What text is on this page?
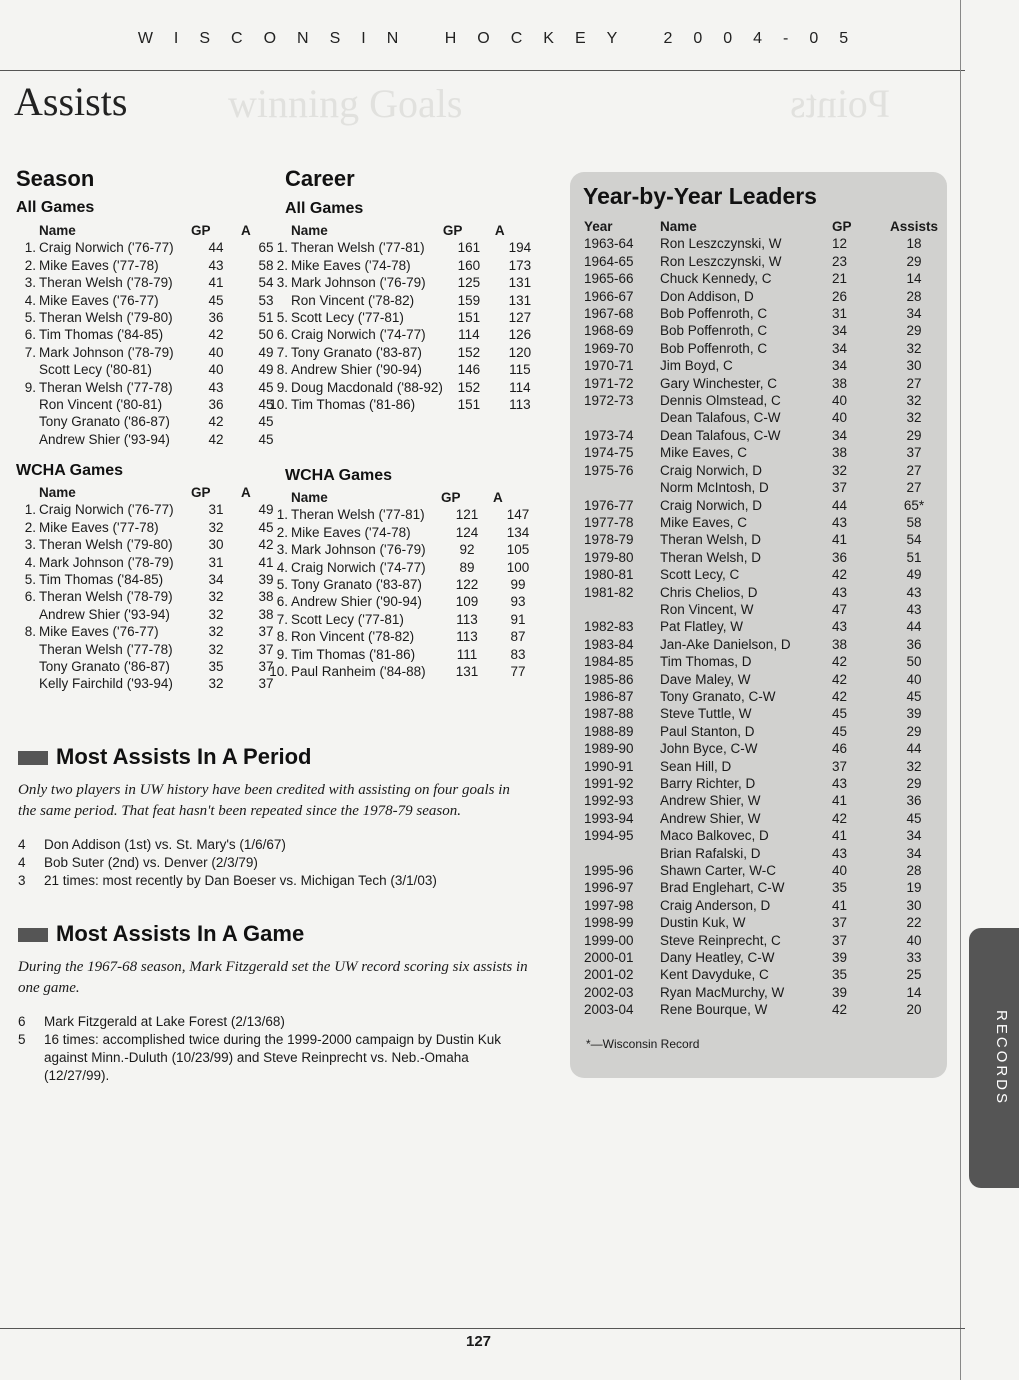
WISCONSIN HOCKEY 2004-05
winning Goals	Points
Assists
Season
All Games
	Name	GP	A
1.	Craig Norwich ('76-77)	44	65
2.	Mike Eaves ('77-78)	43	58
3.	Theran Welsh ('78-79)	41	54
4.	Mike Eaves ('76-77)	45	53
5.	Theran Welsh ('79-80)	36	51
6.	Tim Thomas ('84-85)	42	50
7.	Mark Johnson ('78-79)	40	49
	Scott Lecy ('80-81)	40	49
9.	Theran Welsh ('77-78)	43	45
	Ron Vincent ('80-81)	36	45
	Tony Granato ('86-87)	42	45
	Andrew Shier ('93-94)	42	45
WCHA Games
	Name	GP	A
1.	Craig Norwich ('76-77)	31	49
2.	Mike Eaves ('77-78)	32	45
3.	Theran Welsh ('79-80)	30	42
4.	Mark Johnson ('78-79)	31	41
5.	Tim Thomas ('84-85)	34	39
6.	Theran Welsh ('78-79)	32	38
	Andrew Shier ('93-94)	32	38
8.	Mike Eaves ('76-77)	32	37
	Theran Welsh ('77-78)	32	37
	Tony Granato ('86-87)	35	37
	Kelly Fairchild ('93-94)	32	37
Career
All Games
	Name	GP	A
1.	Theran Welsh ('77-81)	161	194
2.	Mike Eaves ('74-78)	160	173
3.	Mark Johnson ('76-79)	125	131
	Ron Vincent ('78-82)	159	131
5.	Scott Lecy ('77-81)	151	127
6.	Craig Norwich ('74-77)	114	126
7.	Tony Granato ('83-87)	152	120
8.	Andrew Shier ('90-94)	146	115
9.	Doug Macdonald ('88-92)	152	114
10.	Tim Thomas ('81-86)	151	113
WCHA Games
	Name	GP	A
1.	Theran Welsh ('77-81)	121	147
2.	Mike Eaves ('74-78)	124	134
3.	Mark Johnson ('76-79)	92	105
4.	Craig Norwich ('74-77)	89	100
5.	Tony Granato ('83-87)	122	99
6.	Andrew Shier ('90-94)	109	93
7.	Scott Lecy ('77-81)	113	91
8.	Ron Vincent ('78-82)	113	87
9.	Tim Thomas ('81-86)	111	83
10.	Paul Ranheim ('84-88)	131	77
Year-by-Year Leaders
Year	Name	GP	Assists
1963-64	Ron Leszczynski, W	12	18
1964-65	Ron Leszczynski, W	23	29
1965-66	Chuck Kennedy, C	21	14
1966-67	Don Addison, D	26	28
1967-68	Bob Poffenroth, C	31	34
1968-69	Bob Poffenroth, C	34	29
1969-70	Bob Poffenroth, C	34	32
1970-71	Jim Boyd, C	34	30
1971-72	Gary Winchester, C	38	27
1972-73	Dennis Olmstead, C	40	32
	Dean Talafous, C-W	40	32
1973-74	Dean Talafous, C-W	34	29
1974-75	Mike Eaves, C	38	37
1975-76	Craig Norwich, D	32	27
	Norm McIntosh, D	37	27
1976-77	Craig Norwich, D	44	65*
1977-78	Mike Eaves, C	43	58
1978-79	Theran Welsh, D	41	54
1979-80	Theran Welsh, D	36	51
1980-81	Scott Lecy, C	42	49
1981-82	Chris Chelios, D	43	43
	Ron Vincent, W	47	43
1982-83	Pat Flatley, W	43	44
1983-84	Jan-Ake Danielson, D	38	36
1984-85	Tim Thomas, D	42	50
1985-86	Dave Maley, W	42	40
1986-87	Tony Granato, C-W	42	45
1987-88	Steve Tuttle, W	45	39
1988-89	Paul Stanton, D	45	29
1989-90	John Byce, C-W	46	44
1990-91	Sean Hill, D	37	32
1991-92	Barry Richter, D	43	29
1992-93	Andrew Shier, W	41	36
1993-94	Andrew Shier, W	42	45
1994-95	Maco Balkovec, D	41	34
	Brian Rafalski, D	43	34
1995-96	Shawn Carter, W-C	40	28
1996-97	Brad Englehart, C-W	35	19
1997-98	Craig Anderson, D	41	30
1998-99	Dustin Kuk, W	37	22
1999-00	Steve Reinprecht, C	37	40
2000-01	Dany Heatley, C-W	39	33
2001-02	Kent Davyduke, C	35	25
2002-03	Ryan MacMurchy, W	39	14
2003-04	Rene Bourque, W	42	20
*—Wisconsin Record
Most Assists In A Period
Only two players in UW history have been credited with assisting on four goals in the same period. That feat hasn't been repeated since the 1978-79 season.
4	Don Addison (1st) vs. St. Mary's (1/6/67)
4	Bob Suter (2nd) vs. Denver (2/3/79)
3	21 times: most recently by Dan Boeser vs. Michigan Tech (3/1/03)
Most Assists In A Game
During the 1967-68 season, Mark Fitzgerald set the UW record scoring six assists in one game.
6	Mark Fitzgerald at Lake Forest (2/13/68)
5	16 times: accomplished twice during the 1999-2000 campaign by Dustin Kuk against Minn.-Duluth (10/23/99) and Steve Reinprecht vs. Neb.-Omaha (12/27/99).	RECORDS
127
